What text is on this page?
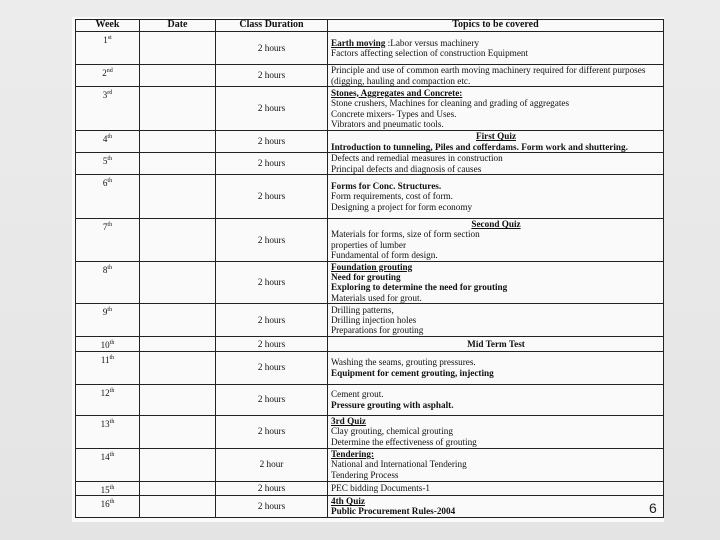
Week	Date	Class Duration	Topics to be covered
1st		2 hours	Earth moving :Labor versus machinery
Factors affecting selection of construction Equipment

2nd		2 hours	Principle and use of common earth moving machinery required for different purposes (digging, hauling and compaction etc.

3rd		2 hours	Stones, Aggregates and Concrete:
Stone crushers, Machines for cleaning and grading of aggregates
Concrete mixers- Types and Uses.
Vibrators and pneumatic tools.

4th		2 hours	First Quiz
Introduction to tunneling, Piles and cofferdams. Form work and shuttering.

5th		2 hours	Defects and remedial measures in construction
Principal defects and diagnosis of causes

6th		2 hours	Forms for Conc. Structures.
Form requirements, cost of form.
Designing a project for form economy

7th		2 hours	Second Quiz
Materials for forms, size of form section
properties of lumber
Fundamental of form design.

8th		2 hours	Foundation grouting
Need for grouting
Exploring to determine the need for grouting
Materials used for grout.

9th		2 hours	Drilling patterns,
Drilling injection holes
Preparations for grouting

10th		2 hours	Mid Term Test

11th		2 hours	Washing the seams, grouting pressures.
Equipment for cement grouting, injecting

12th		2 hours	Cement grout.
Pressure grouting with asphalt.

13th		2 hours	3rd Quiz
Clay grouting, chemical grouting
Determine the effectiveness of grouting

14th		2 hour	Tendering:
National and International Tendering
Tendering Process

15th		2 hours	PEC bidding Documents-1

16th		2 hours	4th Quiz
Public Procurement Rules-2004	6
